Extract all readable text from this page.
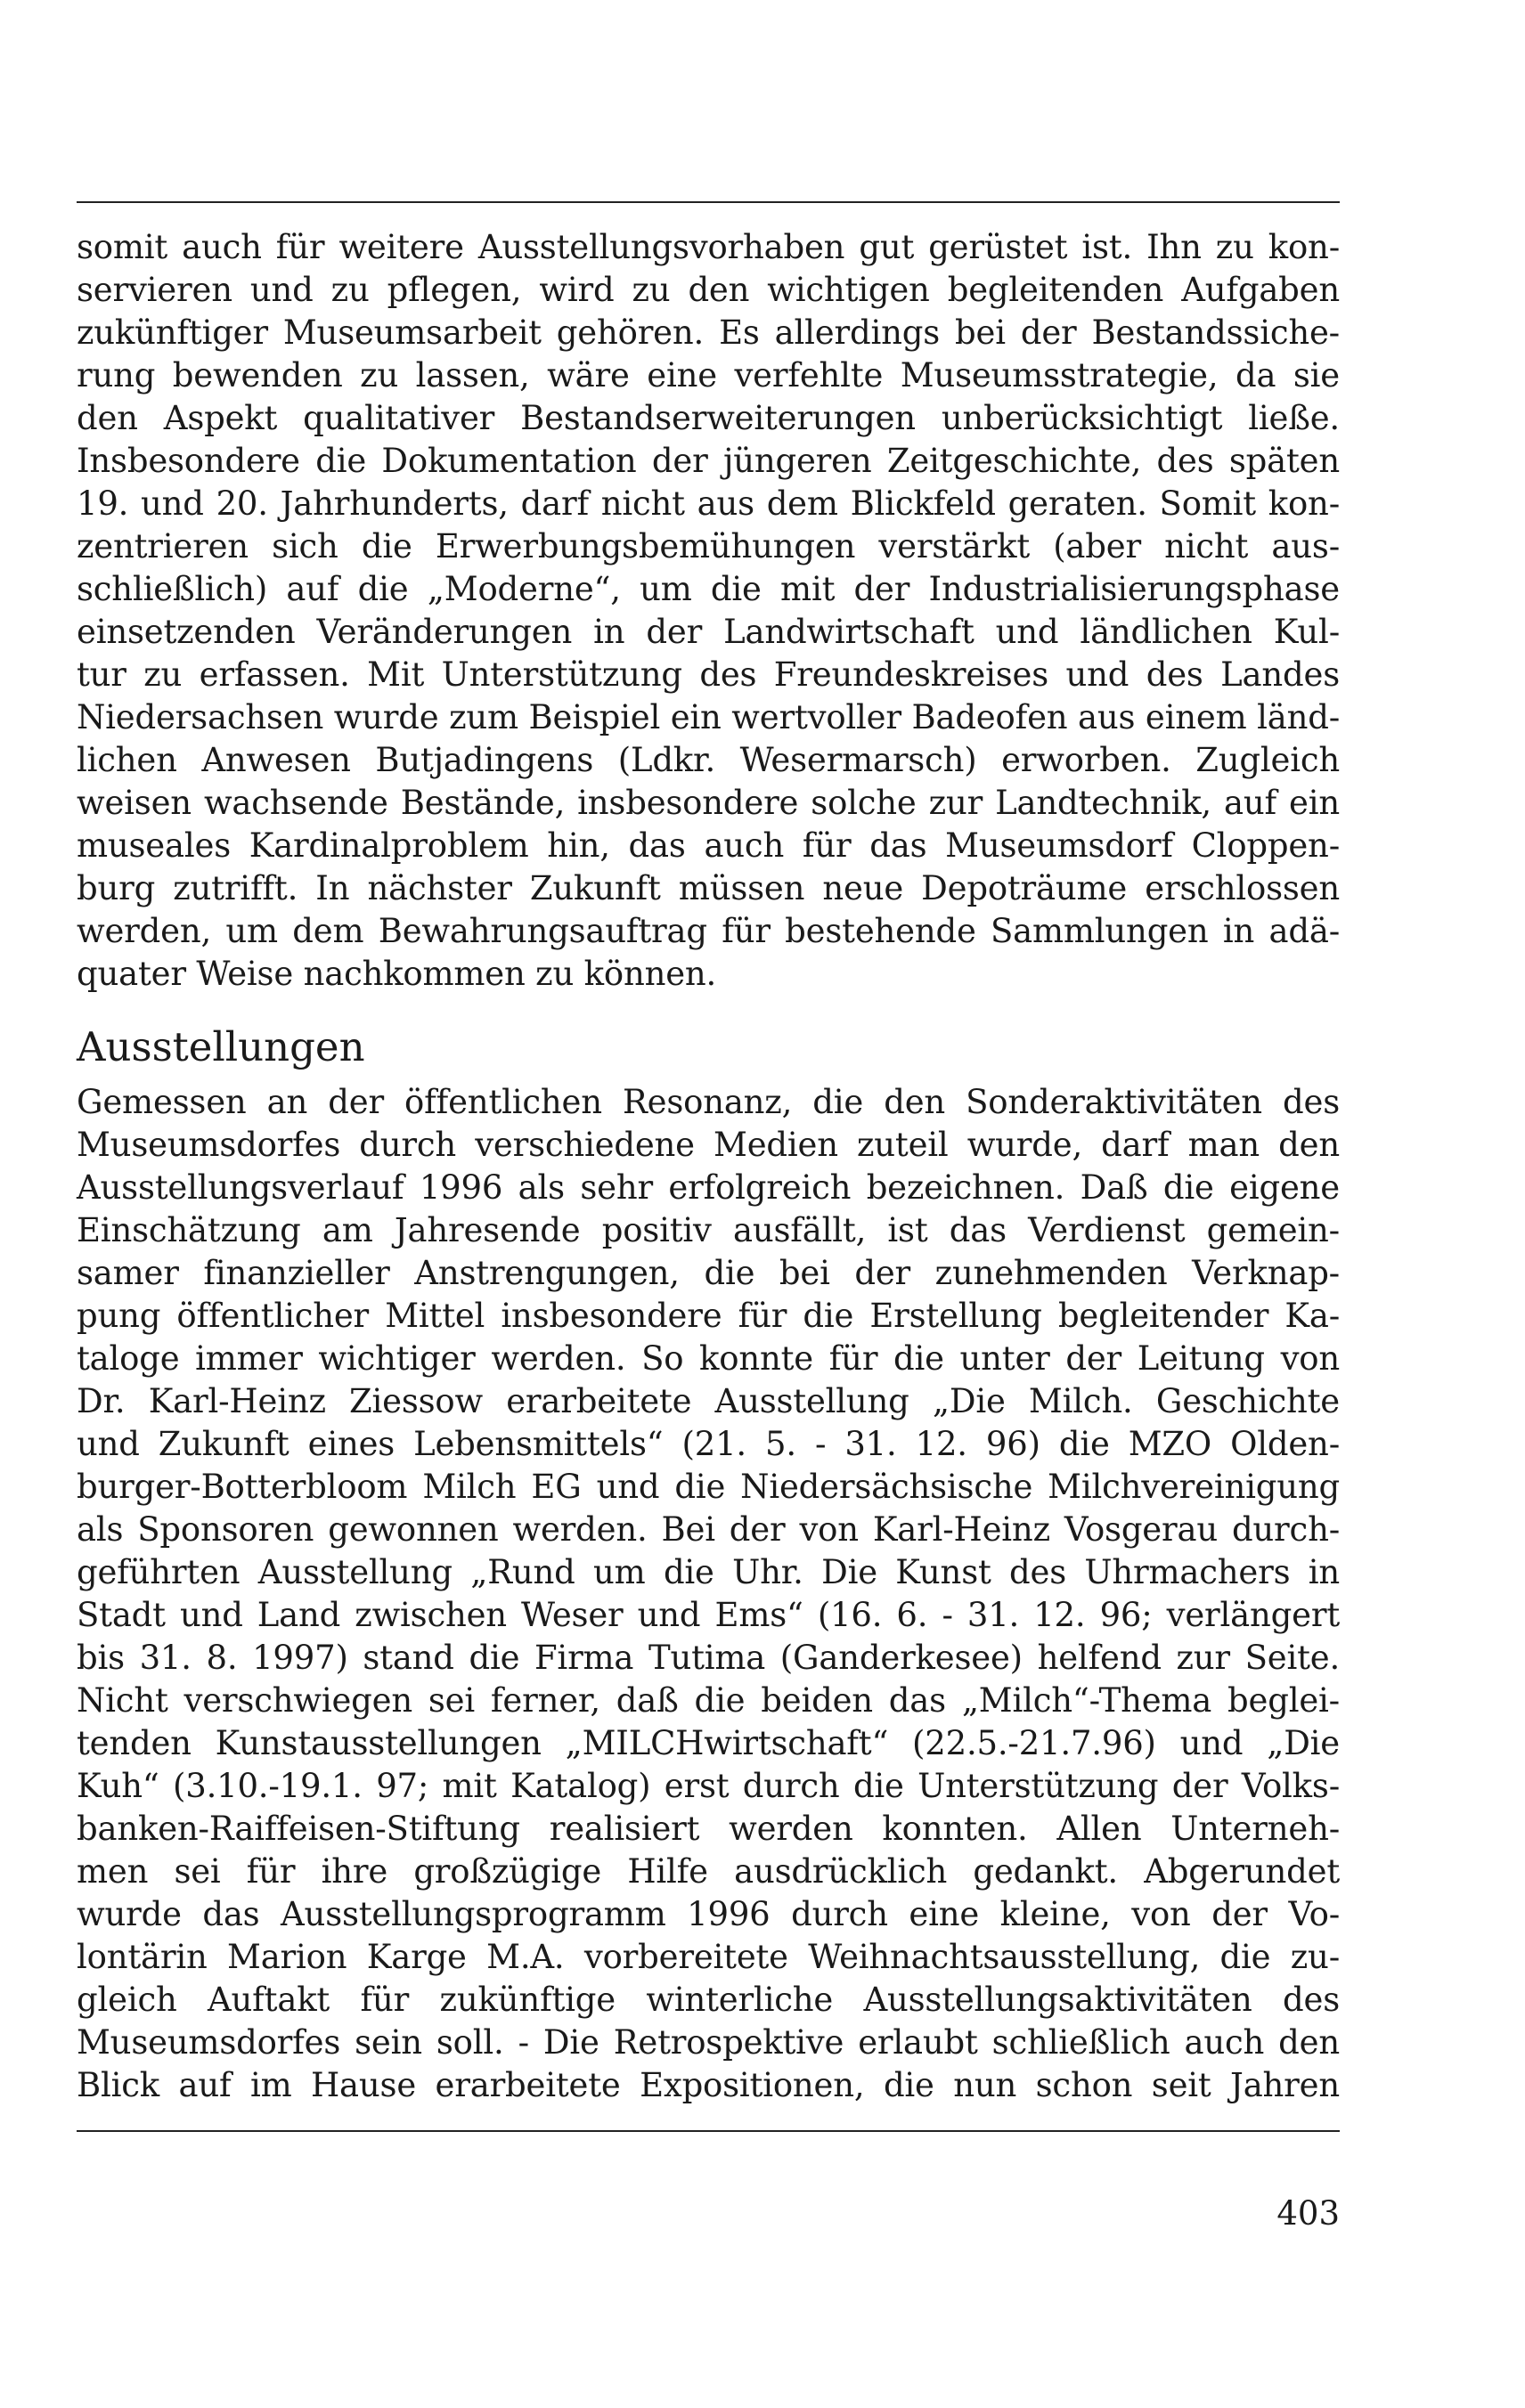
somit auch für weitere Ausstellungsvorhaben gut gerüstet ist. Ihn zu kon-
servieren und zu pflegen, wird zu den wichtigen begleitenden Aufgaben
zukünftiger Museumsarbeit gehören. Es allerdings bei der Bestandssiche-
rung bewenden zu lassen, wäre eine verfehlte Museumsstrategie, da sie
den Aspekt qualitativer Bestandserweiterungen unberücksichtigt ließe.
Insbesondere die Dokumentation der jüngeren Zeitgeschichte, des späten
19. und 20. Jahrhunderts, darf nicht aus dem Blickfeld geraten. Somit kon-
zentrieren sich die Erwerbungsbemühungen verstärkt (aber nicht aus-
schließlich) auf die „Moderne“, um die mit der Industrialisierungsphase
einsetzenden Veränderungen in der Landwirtschaft und ländlichen Kul-
tur zu erfassen. Mit Unterstützung des Freundeskreises und des Landes
Niedersachsen wurde zum Beispiel ein wertvoller Badeofen aus einem länd-
lichen Anwesen Butjadingens (Ldkr. Wesermarsch) erworben. Zugleich
weisen wachsende Bestände, insbesondere solche zur Landtechnik, auf ein
museales Kardinalproblem hin, das auch für das Museumsdorf Cloppen-
burg zutrifft. In nächster Zukunft müssen neue Depoträume erschlossen
werden, um dem Bewahrungsauftrag für bestehende Sammlungen in adä-
quater Weise nachkommen zu können.
Ausstellungen
Gemessen an der öffentlichen Resonanz, die den Sonderaktivitäten des
Museumsdorfes durch verschiedene Medien zuteil wurde, darf man den
Ausstellungsverlauf 1996 als sehr erfolgreich bezeichnen. Daß die eigene
Einschätzung am Jahresende positiv ausfällt, ist das Verdienst gemein-
samer finanzieller Anstrengungen, die bei der zunehmenden Verknap-
pung öffentlicher Mittel insbesondere für die Erstellung begleitender Ka-
taloge immer wichtiger werden. So konnte für die unter der Leitung von
Dr. Karl-Heinz Ziessow erarbeitete Ausstellung „Die Milch. Geschichte
und Zukunft eines Lebensmittels“ (21. 5. - 31. 12. 96) die MZO Olden-
burger-Botterbloom Milch EG und die Niedersächsische Milchvereinigung
als Sponsoren gewonnen werden. Bei der von Karl-Heinz Vosgerau durch-
geführten Ausstellung „Rund um die Uhr. Die Kunst des Uhrmachers in
Stadt und Land zwischen Weser und Ems“ (16. 6. - 31. 12. 96; verlängert
bis 31. 8. 1997) stand die Firma Tutima (Ganderkesee) helfend zur Seite.
Nicht verschwiegen sei ferner, daß die beiden das „Milch“-Thema beglei-
tenden Kunstausstellungen „MILCHwirtschaft“ (22.5.-21.7.96) und „Die
Kuh“ (3.10.-19.1. 97; mit Katalog) erst durch die Unterstützung der Volks-
banken-Raiffeisen-Stiftung realisiert werden konnten. Allen Unterneh-
men sei für ihre großzügige Hilfe ausdrücklich gedankt. Abgerundet
wurde das Ausstellungsprogramm 1996 durch eine kleine, von der Vo-
lontärin Marion Karge M.A. vorbereitete Weihnachtsausstellung, die zu-
gleich Auftakt für zukünftige winterliche Ausstellungsaktivitäten des
Museumsdorfes sein soll. - Die Retrospektive erlaubt schließlich auch den
Blick auf im Hause erarbeitete Expositionen, die nun schon seit Jahren
403
